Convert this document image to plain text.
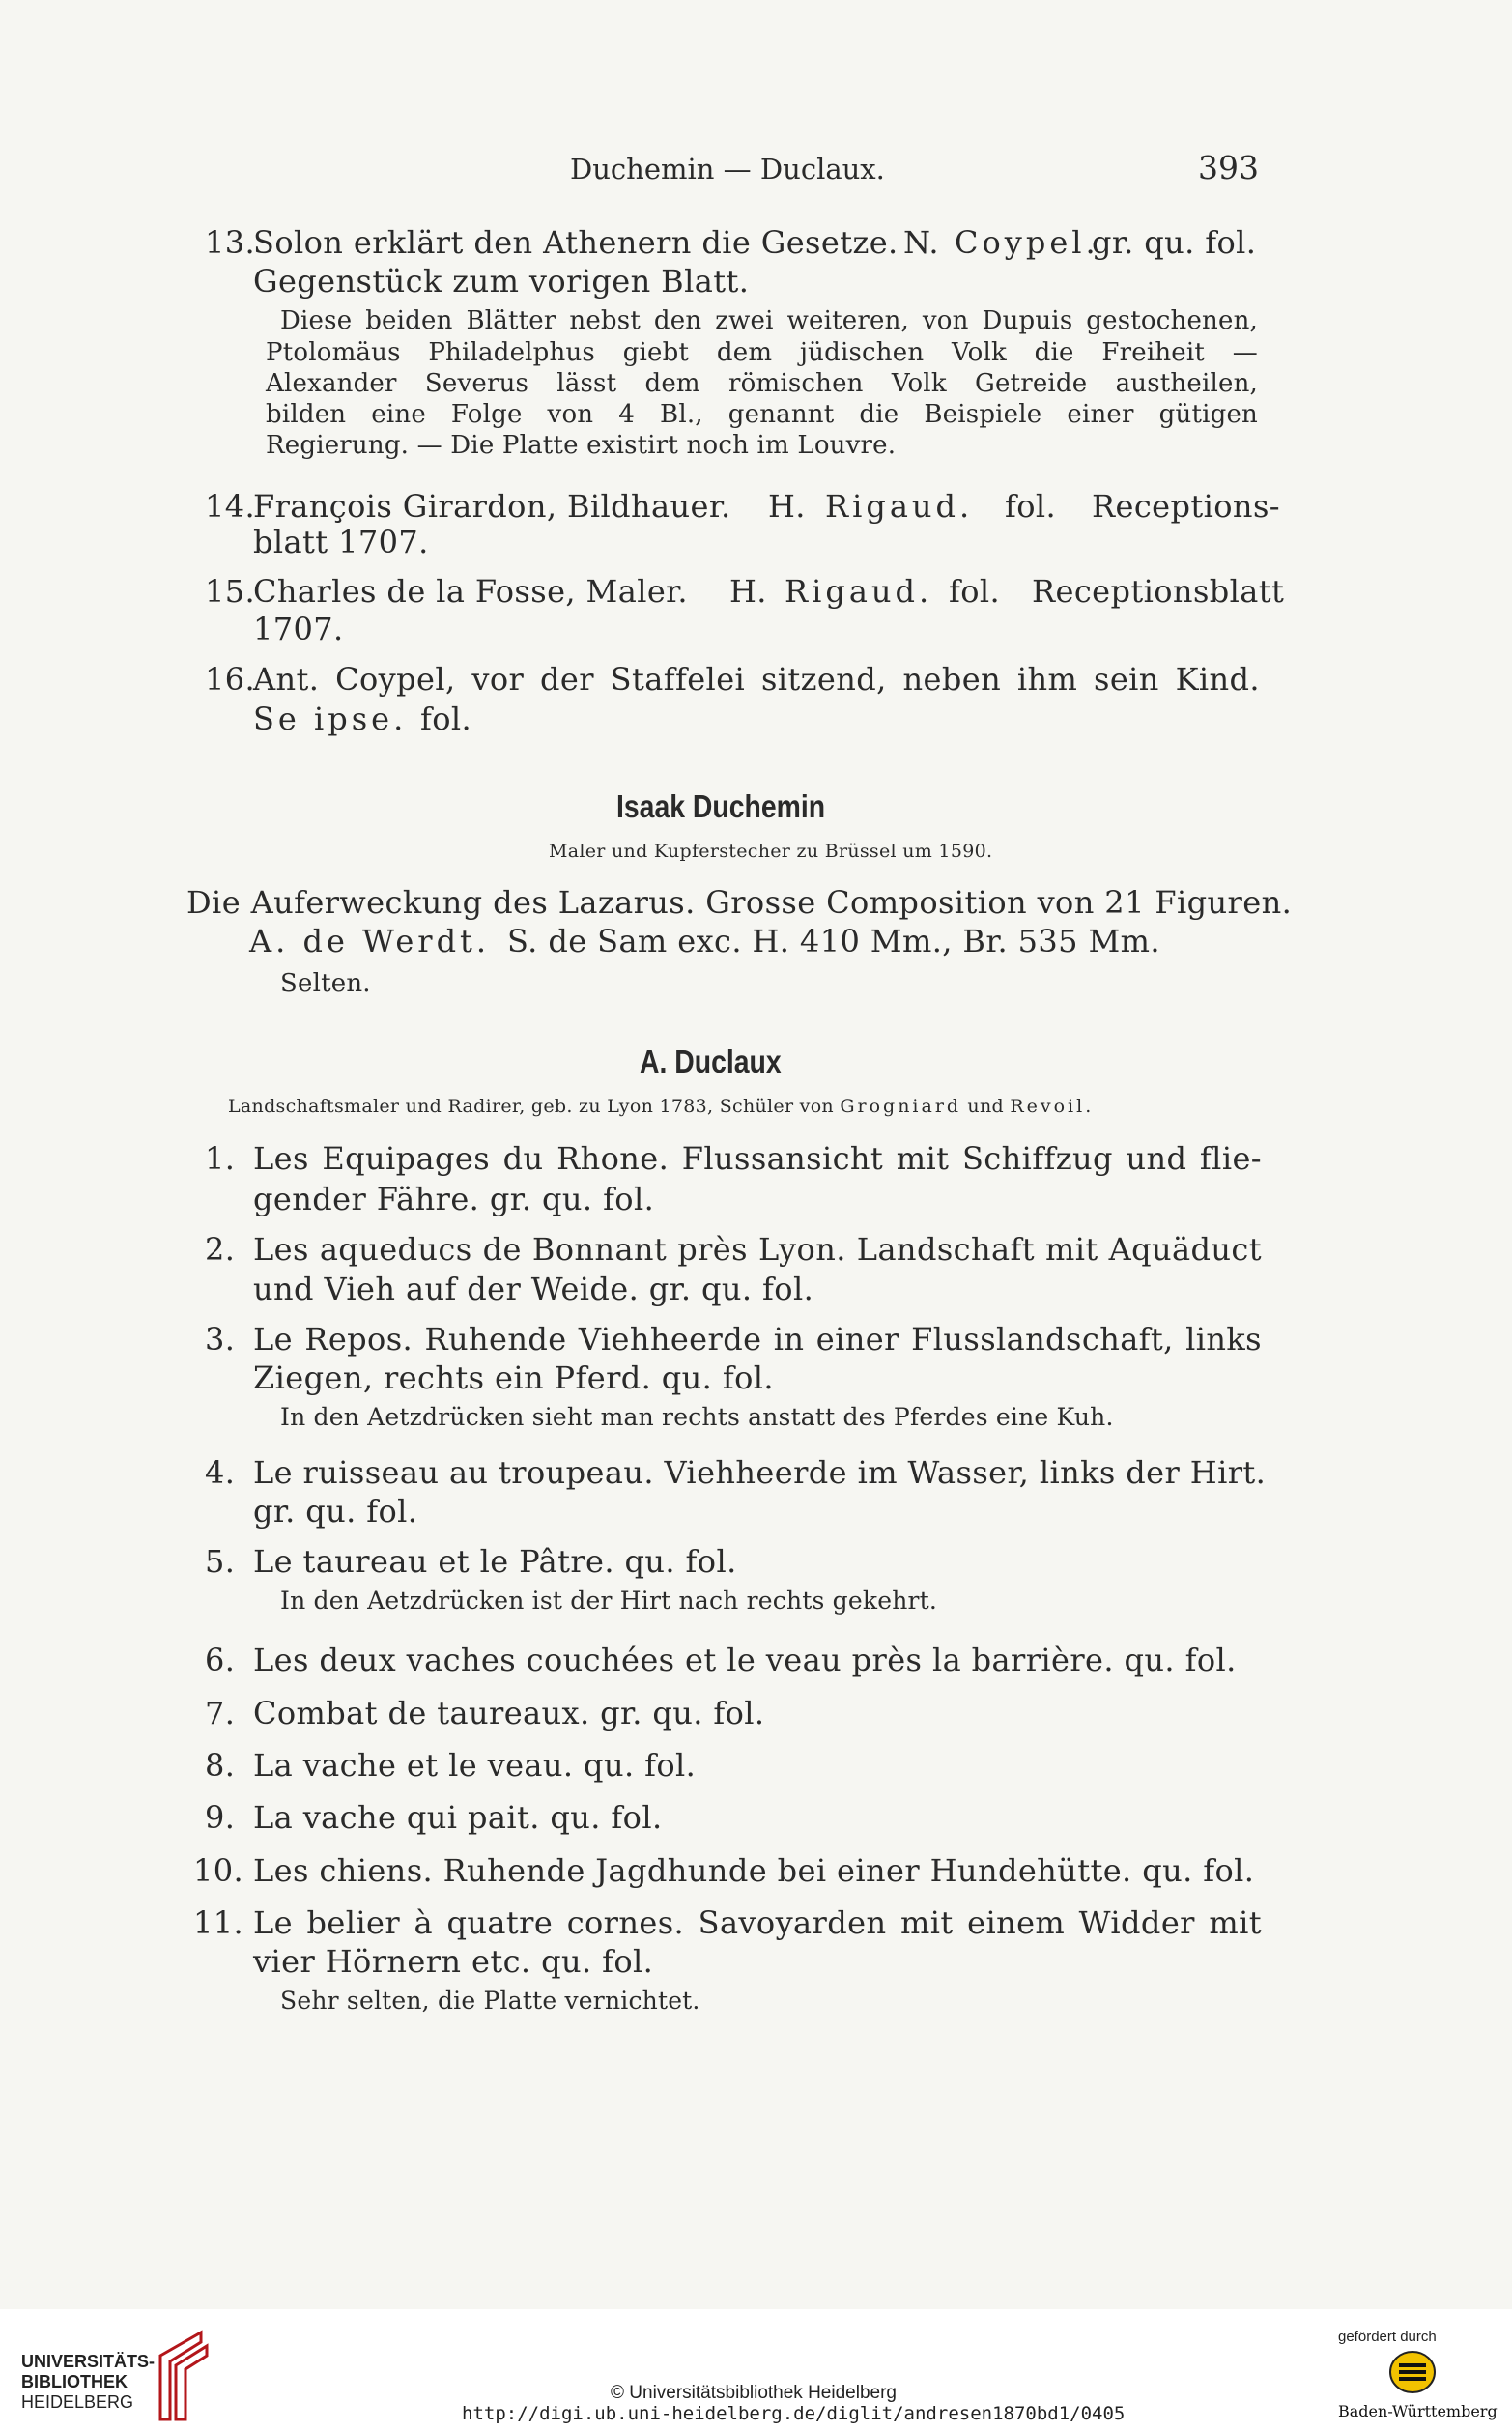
Duchemin — Duclaux.	393
13.
Solon erklärt den Athenern die Gesetze. N. Coypel.
gr. qu. fol.
Gegenstück zum vorigen Blatt.
Diese beiden Blätter nebst den zwei weiteren, von Dupuis gestochenen,
Ptolomäus Philadelphus giebt dem jüdischen Volk die Freiheit —
Alexander Severus lässt dem römischen Volk Getreide austheilen,
bilden eine Folge von 4 Bl., genannt die Beispiele einer gütigen
Regierung. — Die Platte existirt noch im Louvre.
14.
François Girardon, Bildhauer. H. Rigaud. fol. Receptions-
blatt 1707.
15.
Charles de la Fosse, Maler. H. Rigaud. fol. Receptionsblatt
1707.
16.
Ant. Coypel, vor der Staffelei sitzend, neben ihm sein Kind.
Se ipse. fol.
Isaak Duchemin
Maler und Kupferstecher zu Brüssel um 1590.
Die Auferweckung des Lazarus. Grosse Composition von 21 Figuren.
A. de Werdt. S. de Sam exc. H. 410 Mm., Br. 535 Mm.
Selten.
A. Duclaux
Landschaftsmaler und Radirer, geb. zu Lyon 1783, Schüler von Grogniard und Revoil.
1. Les Equipages du Rhone. Flussansicht mit Schiffzug und flie-
gender Fähre. gr. qu. fol.
2. Les aqueducs de Bonnant près Lyon. Landschaft mit Aquäduct
und Vieh auf der Weide. gr. qu. fol.
3. Le Repos. Ruhende Viehheerde in einer Flusslandschaft, links
Ziegen, rechts ein Pferd. qu. fol.
In den Aetzdrücken sieht man rechts anstatt des Pferdes eine Kuh.
4. Le ruisseau au troupeau. Viehheerde im Wasser, links der Hirt.
gr. qu. fol.
5. Le taureau et le Pâtre. qu. fol.
In den Aetzdrücken ist der Hirt nach rechts gekehrt.
6. Les deux vaches couchées et le veau près la barrière. qu. fol.
7. Combat de taureaux. gr. qu. fol.
8. La vache et le veau. qu. fol.
9. La vache qui pait. qu. fol.
10. Les chiens. Ruhende Jagdhunde bei einer Hundehütte. qu. fol.
11. Le belier à quatre cornes. Savoyarden mit einem Widder mit
vier Hörnern etc. qu. fol.
Sehr selten, die Platte vernichtet.
UNIVERSITÄTS-
BIBLIOTHEK
HEIDELBERG	© Universitätsbibliothek Heidelberg
http://digi.ub.uni-heidelberg.de/diglit/andresen1870bd1/0405
gefördert durch
Baden-Württemberg
